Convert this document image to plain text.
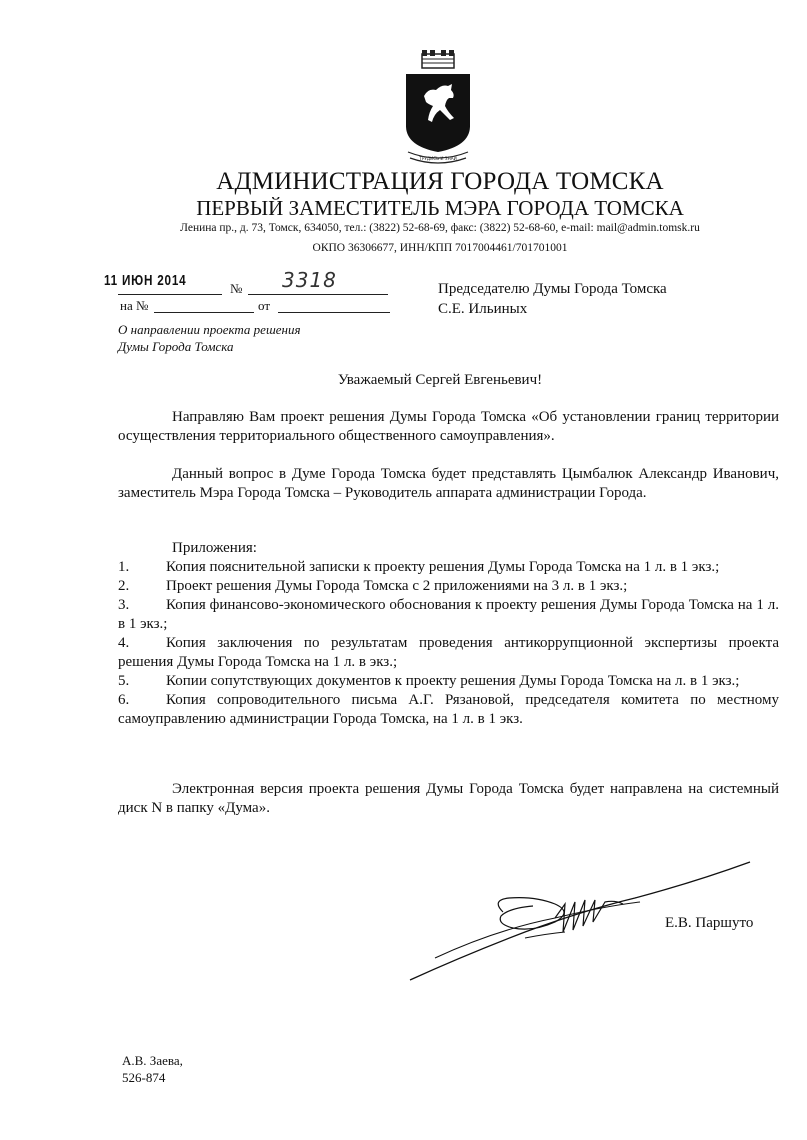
ТРУДИСЬ И ЗНАЙ
АДМИНИСТРАЦИЯ ГОРОДА ТОМСКА
ПЕРВЫЙ ЗАМЕСТИТЕЛЬ МЭРА ГОРОДА ТОМСКА
Ленина пр., д. 73, Томск, 634050, тел.: (3822) 52-68-69, факс: (3822) 52-68-60, e-mail: mail@admin.tomsk.ru
ОКПО 36306677, ИНН/КПП 7017004461/701701001
11 ИЮН 2014	№ 3318
на №	от
Председателю Думы Города Томска
С.Е. Ильиных
О направлении проекта решения
Думы Города Томска
Уважаемый Сергей Евгеньевич!

Направляю Вам проект решения Думы Города Томска «Об установлении границ территории осуществления территориального общественного самоуправления».

Данный вопрос в Думе Города Томска будет представлять Цымбалюк Александр Иванович, заместитель Мэра Города Томска – Руководитель аппарата администрации Города.

Приложения:
1. Копия пояснительной записки к проекту решения Думы Города Томска на 1 л. в 1 экз.;
2. Проект решения Думы Города Томска с 2 приложениями на 3 л. в 1 экз.;
3. Копия финансово-экономического обоснования к проекту решения Думы Города Томска на 1 л. в 1 экз.;
4. Копия заключения по результатам проведения антикоррупционной экспертизы проекта решения Думы Города Томска на 1 л. в экз.;
5. Копии сопутствующих документов к проекту решения Думы Города Томска на л. в 1 экз.;
6. Копия сопроводительного письма А.Г. Рязановой, председателя комитета по местному самоуправлению администрации Города Томска, на 1 л. в 1 экз.

Электронная версия проекта решения Думы Города Томска будет направлена на системный диск N в папку «Дума».

Е.В. Паршуто
А.В. Заева,
526-874
